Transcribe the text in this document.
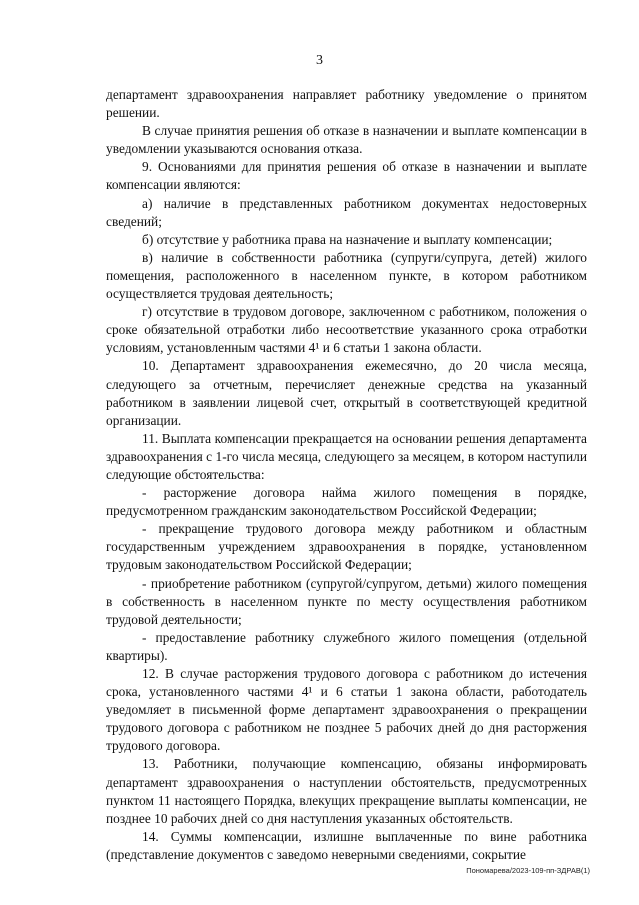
3

департамент здравоохранения направляет работнику уведомление о принятом решении.

В случае принятия решения об отказе в назначении и выплате компенсации в уведомлении указываются основания отказа.

9. Основаниями для принятия решения об отказе в назначении и выплате компенсации являются:

а) наличие в представленных работником документах недостоверных сведений;

б) отсутствие у работника права на назначение и выплату компенсации;

в) наличие в собственности работника (супруги/супруга, детей) жилого помещения, расположенного в населенном пункте, в котором работником осуществляется трудовая деятельность;

г) отсутствие в трудовом договоре, заключенном с работником, положения о сроке обязательной отработки либо несоответствие указанного срока отработки условиям, установленным частями 4¹ и 6 статьи 1 закона области.

10. Департамент здравоохранения ежемесячно, до 20 числа месяца, следующего за отчетным, перечисляет денежные средства на указанный работником в заявлении лицевой счет, открытый в соответствующей кредитной организации.

11. Выплата компенсации прекращается на основании решения департамента здравоохранения с 1-го числа месяца, следующего за месяцем, в котором наступили следующие обстоятельства:

- расторжение договора найма жилого помещения в порядке, предусмотренном гражданским законодательством Российской Федерации;

- прекращение трудового договора между работником и областным государственным учреждением здравоохранения в порядке, установленном трудовым законодательством Российской Федерации;

- приобретение работником (супругой/супругом, детьми) жилого помещения в собственность в населенном пункте по месту осуществления работником трудовой деятельности;

- предоставление работнику служебного жилого помещения (отдельной квартиры).

12. В случае расторжения трудового договора с работником до истечения срока, установленного частями 4¹ и 6 статьи 1 закона области, работодатель уведомляет в письменной форме департамент здравоохранения о прекращении трудового договора с работником не позднее 5 рабочих дней до дня расторжения трудового договора.

13. Работники, получающие компенсацию, обязаны информировать департамент здравоохранения о наступлении обстоятельств, предусмотренных пунктом 11 настоящего Порядка, влекущих прекращение выплаты компенсации, не позднее 10 рабочих дней со дня наступления указанных обстоятельств.

14. Суммы компенсации, излишне выплаченные по вине работника (представление документов с заведомо неверными сведениями, сокрытие

Пономарева/2023-109-пп-ЗДРАВ(1)
